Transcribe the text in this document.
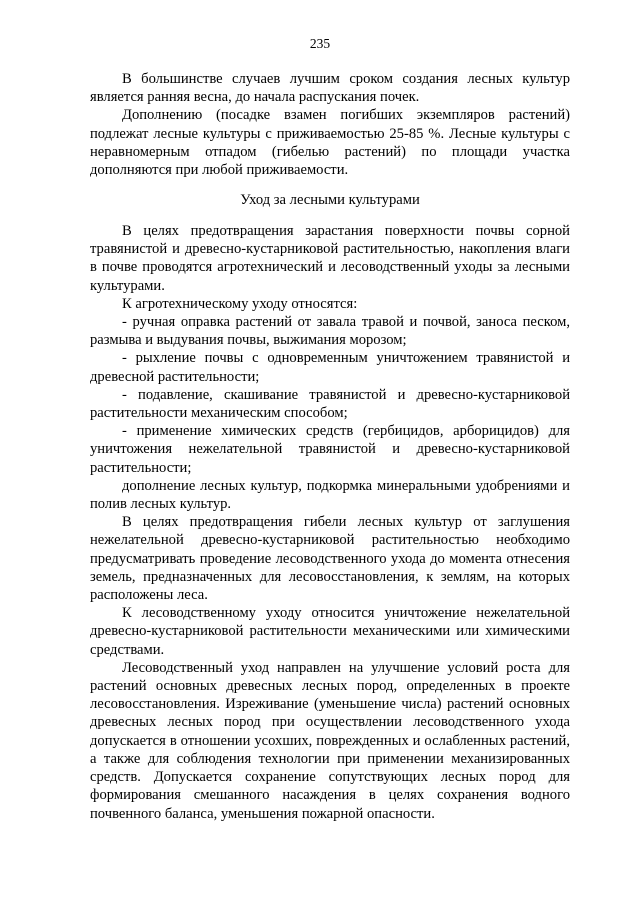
235

В большинстве случаев лучшим сроком создания лесных культур является ранняя весна, до начала распускания почек.

Дополнению (посадке взамен погибших экземпляров растений) подлежат лесные культуры с приживаемостью 25-85 %. Лесные культуры с неравномерным отпадом (гибелью растений) по площади участка дополняются при любой приживаемости.

Уход за лесными культурами

В целях предотвращения зарастания поверхности почвы сорной травянистой и древесно-кустарниковой растительностью, накопления влаги в почве проводятся агротехнический и лесоводственный уходы за лесными культурами.

К агротехническому уходу относятся:

- ручная оправка растений от завала травой и почвой, заноса песком, размыва и выдувания почвы, выжимания морозом;

- рыхление почвы с одновременным уничтожением травянистой и древесной растительности;

- подавление, скашивание травянистой и древесно-кустарниковой растительности механическим способом;

- применение химических средств (гербицидов, арборицидов) для уничтожения нежелательной травянистой и древесно-кустарниковой растительности;

дополнение лесных культур, подкормка минеральными удобрениями и полив лесных культур.

В целях предотвращения гибели лесных культур от заглушения нежелательной древесно-кустарниковой растительностью необходимо предусматривать проведение лесоводственного ухода до момента отнесения земель, предназначенных для лесовосстановления, к землям, на которых расположены леса.

К лесоводственному уходу относится уничтожение нежелательной древесно-кустарниковой растительности механическими или химическими средствами.

Лесоводственный уход направлен на улучшение условий роста для растений основных древесных лесных пород, определенных в проекте лесовосстановления. Изреживание (уменьшение числа) растений основных древесных лесных пород при осуществлении лесоводственного ухода допускается в отношении усохших, поврежденных и ослабленных растений, а также для соблюдения технологии при применении механизированных средств. Допускается сохранение сопутствующих лесных пород для формирования смешанного насаждения в целях сохранения водного почвенного баланса, уменьшения пожарной опасности.
